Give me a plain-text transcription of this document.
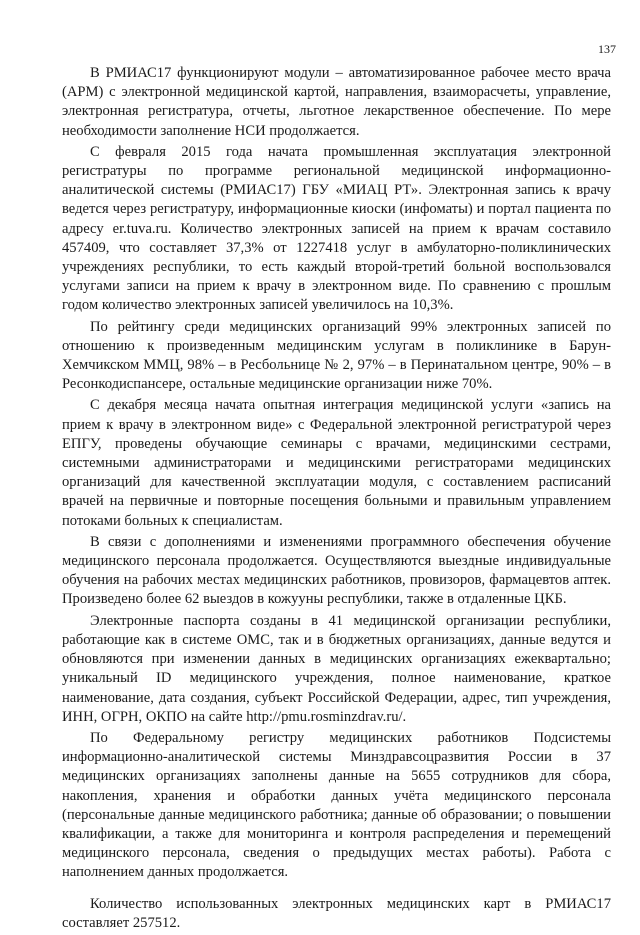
137

В РМИАС17 функционируют модули – автоматизированное рабочее место врача (АРМ) с электронной медицинской картой, направления, взаиморасчеты, управление, электронная регистратура, отчеты, льготное лекарственное обеспечение. По мере необходимости заполнение НСИ продолжается.

С февраля 2015 года начата промышленная эксплуатация электронной регистратуры по программе региональной медицинской информационно-аналитической системы (РМИАС17) ГБУ «МИАЦ РТ». Электронная запись к врачу ведется через регистратуру, информационные киоски (инфоматы) и портал пациента по адресу er.tuva.ru. Количество электронных записей на прием к врачам составило 457409, что составляет 37,3% от 1227418 услуг в амбулаторно-поликлинических учреждениях республики, то есть каждый второй-третий больной воспользовался услугами записи на прием к врачу в электронном виде. По сравнению с прошлым годом количество электронных записей увеличилось на 10,3%.

По рейтингу среди медицинских организаций 99% электронных записей по отношению к произведенным медицинским услугам в поликлинике в Барун-Хемчикском ММЦ, 98% – в Ресбольнице № 2, 97% – в Перинатальном центре, 90% – в Ресонкодиспансере, остальные медицинские организации ниже 70%.

С декабря месяца начата опытная интеграция медицинской услуги «запись на прием к врачу в электронном виде» с Федеральной электронной регистратурой через ЕПГУ, проведены обучающие семинары с врачами, медицинскими сестрами, системными администраторами и медицинскими регистраторами медицинских организаций для качественной эксплуатации модуля, с составлением расписаний врачей на первичные и повторные посещения больными и правильным управлением потоками больных к специалистам.

В связи с дополнениями и изменениями программного обеспечения обучение медицинского персонала продолжается. Осуществляются выездные индивидуальные обучения на рабочих местах медицинских работников, провизоров, фармацевтов аптек. Произведено более 62 выездов в кожууны республики, также в отдаленные ЦКБ.

Электронные паспорта созданы в 41 медицинской организации республики, работающие как в системе ОМС, так и в бюджетных организациях, данные ведутся и обновляются при изменении данных в медицинских организациях ежеквартально; уникальный ID медицинского учреждения, полное наименование, краткое наименование, дата создания, субъект Российской Федерации, адрес, тип учреждения, ИНН, ОГРН, ОКПО на сайте http://pmu.rosminzdrav.ru/.

По Федеральному регистру медицинских работников Подсистемы информационно-аналитической системы Минздравсоцразвития России в 37 медицинских организациях заполнены данные на 5655 сотрудников для сбора, накопления, хранения и обработки данных учёта медицинского персонала (персональные данные медицинского работника; данные об образовании; о повышении квалификации, а также для мониторинга и контроля распределения и перемещений медицинского персонала, сведения о предыдущих местах работы). Работа с наполнением данных продолжается.

Количество использованных электронных медицинских карт в РМИАС17 составляет 257512.
